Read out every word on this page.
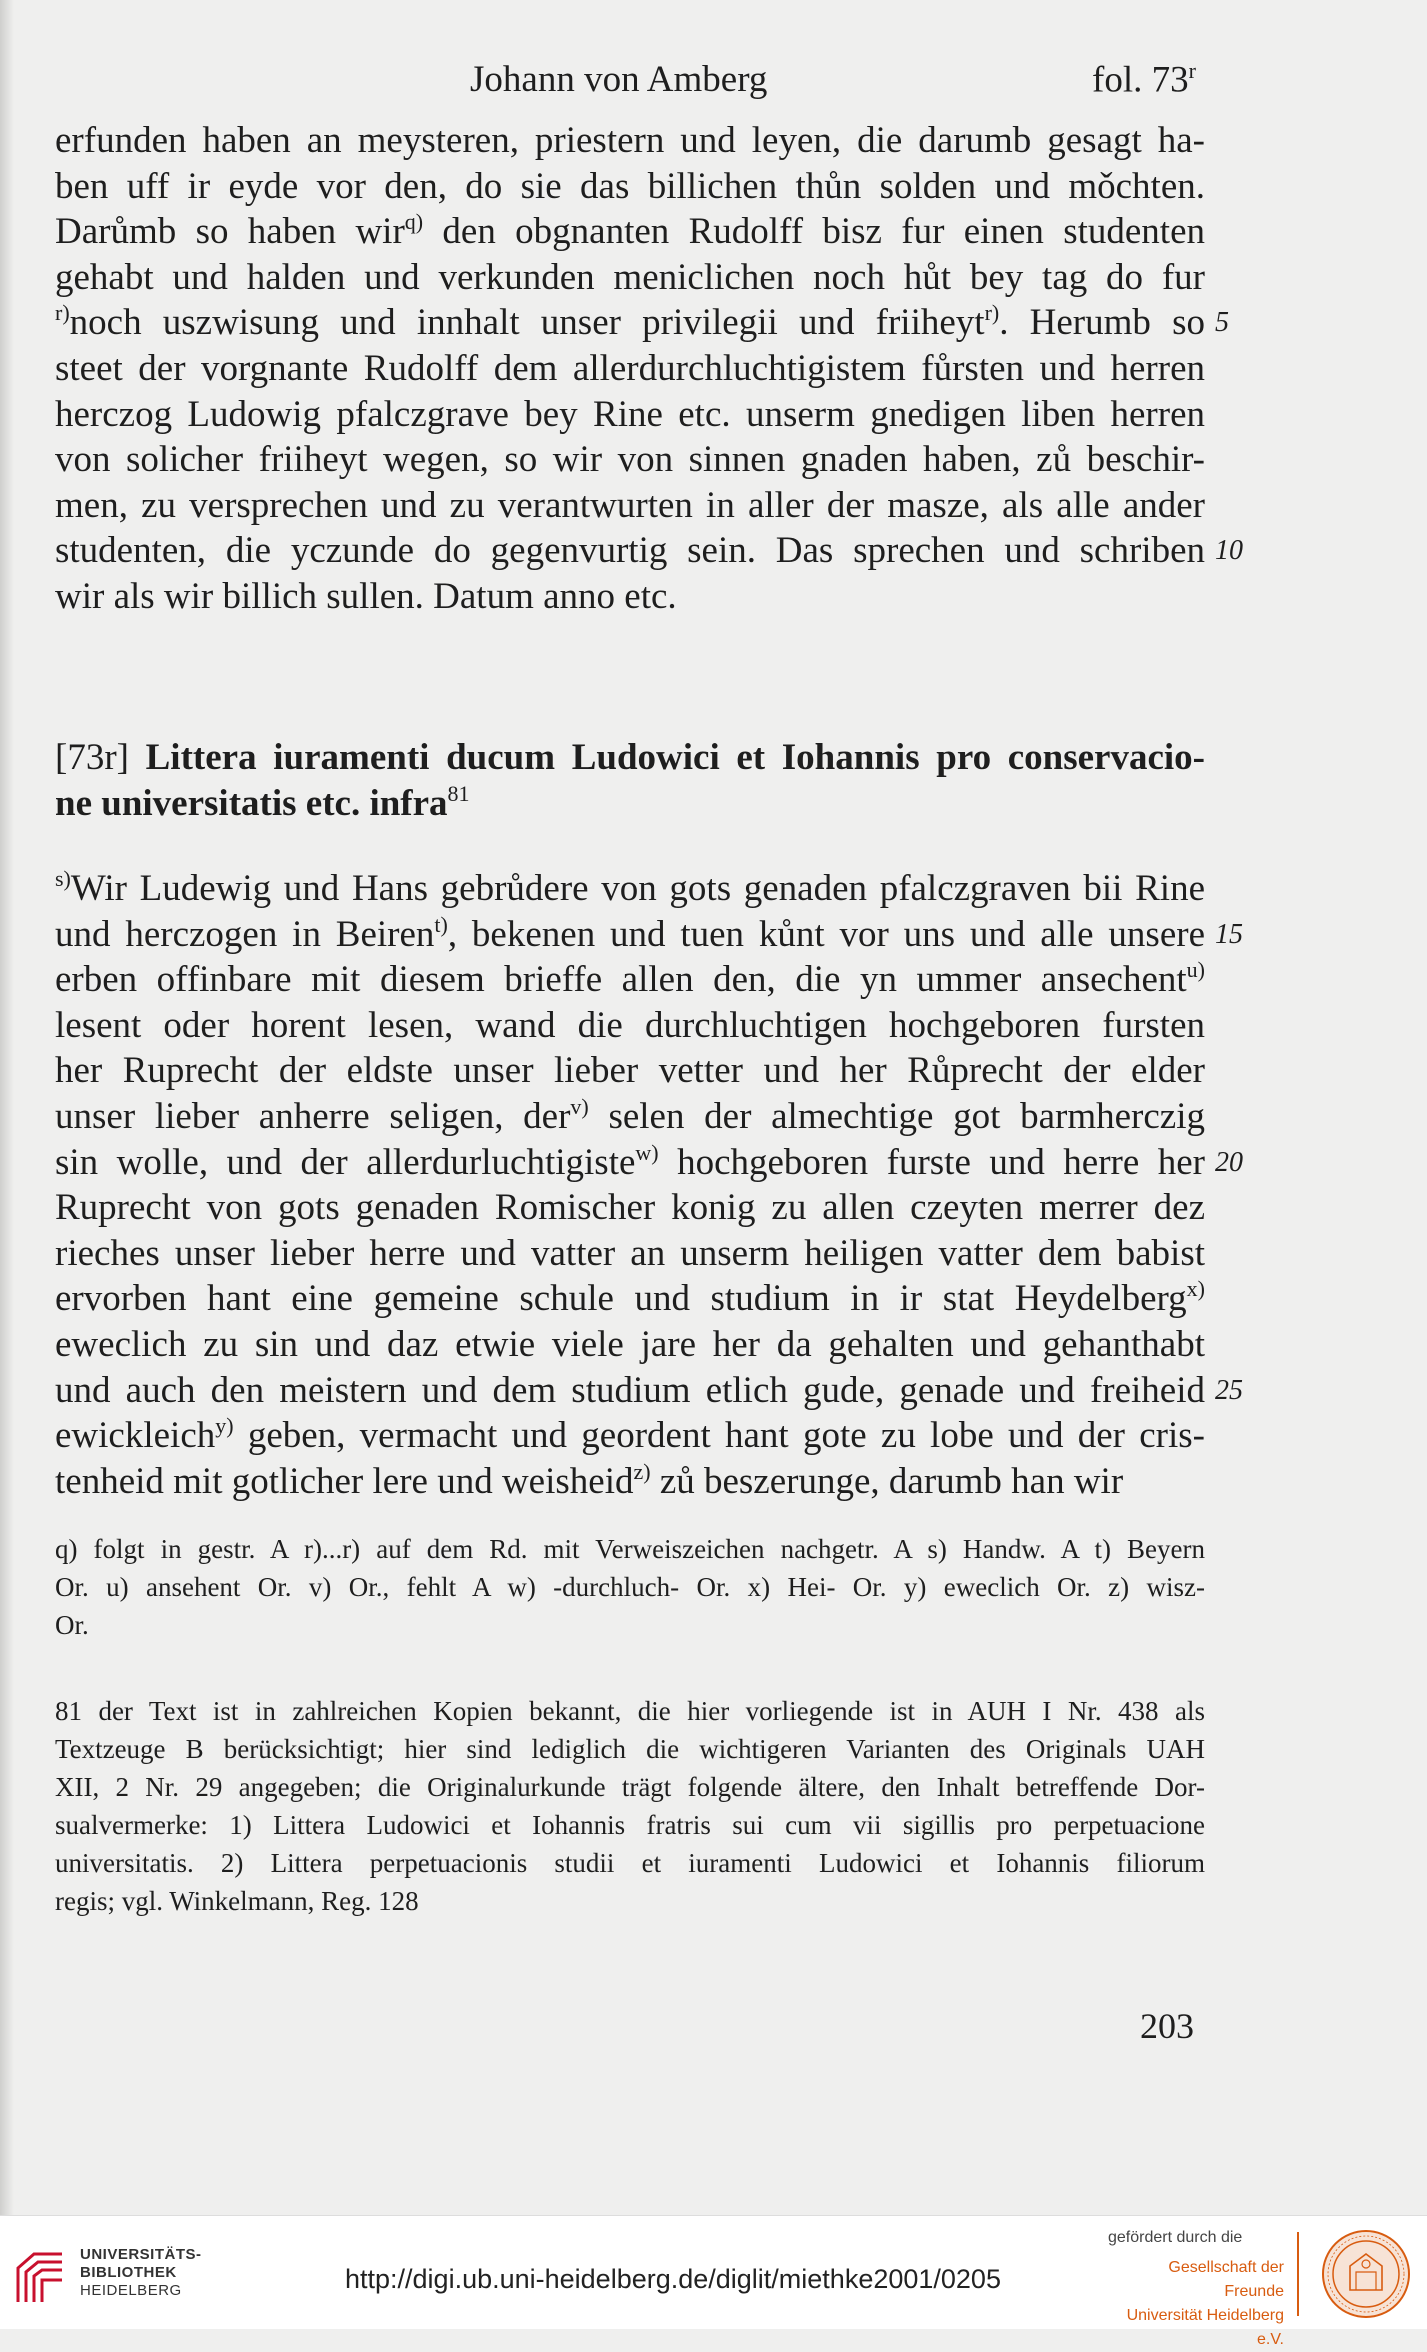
Johann von Amberg	fol. 73$^r$
erfunden haben an meysteren, priestern und leyen, die darumb gesagt ha-
ben uff ir eyde vor den, do sie das billichen thůn solden und mǒchten.
Darůmb so haben wir$^{q)}$ den obgnanten Rudolff bisz fur einen studenten
gehabt und halden und verkunden meniclichen noch hůt bey tag do fur
$^{r)}$noch uszwisung und innhalt unser privilegii und friiheyt$^{r)}$. Herumb so 5
steet der vorgnante Rudolff dem allerdurchluchtigistem fůrsten und herren
herczog Ludowig pfalczgrave bey Rine etc. unserm gnedigen liben herren
von solicher friiheyt wegen, so wir von sinnen gnaden haben, zů beschir-
men, zu versprechen und zu verantwurten in aller der masze, als alle ander
studenten, die yczunde do gegenvurtig sein. Das sprechen und schriben 10
wir als wir billich sullen. Datum anno etc.
[73r] Littera iuramenti ducum Ludowici et Iohannis pro conservacio-
ne universitatis etc. infra$^{81}$
$^{s)}$Wir Ludewig und Hans gebrůdere von gots genaden pfalczgraven bii Rine
und herczogen in Beiren$^{t)}$, bekenen und tuen kůnt vor uns und alle unsere 15
erben offinbare mit diesem brieffe allen den, die yn ummer ansechent$^{u)}$
lesent oder horent lesen, wand die durchluchtigen hochgeboren fursten
her Ruprecht der eldste unser lieber vetter und her Růprecht der elder
unser lieber anherre seligen, der$^{v)}$ selen der almechtige got barmherczig
sin wolle, und der allerdurluchtigiste$^{w)}$ hochgeboren furste und herre her 20
Ruprecht von gots genaden Romischer konig zu allen czeyten merrer dez
rieches unser lieber herre und vatter an unserm heiligen vatter dem babist
ervorben hant eine gemeine schule und studium in ir stat Heydelberg$^{x)}$
eweclich zu sin und daz etwie viele jare her da gehalten und gehanthabt
und auch den meistern und dem studium etlich gude, genade und freiheid 25
ewickleich$^{y)}$ geben, vermacht und geordent hant gote zu lobe und der cris-
tenheid mit gotlicher lere und weisheid$^{z)}$ zů beszerunge, darumb han wir
q) folgt in gestr. A r)...r) auf dem Rd. mit Verweiszeichen nachgetr. A s) Handw. A t) Beyern
Or. u) ansehent Or. v) Or., fehlt A w) -durchluch- Or. x) Hei- Or. y) eweclich Or. z) wisz-
Or.
81 der Text ist in zahlreichen Kopien bekannt, die hier vorliegende ist in AUH I Nr. 438 als
Textzeuge B berücksichtigt; hier sind lediglich die wichtigeren Varianten des Originals UAH
XII, 2 Nr. 29 angegeben; die Originalurkunde trägt folgende ältere, den Inhalt betreffende Dor-
sualvermerke: 1) Littera Ludowici et Iohannis fratris sui cum vii sigillis pro perpetuacione
universitatis. 2) Littera perpetuacionis studii et iuramenti Ludowici et Iohannis filiorum
regis; vgl. Winkelmann, Reg. 128
203
UNIVERSITÄTS-
BIBLIOTHEK
HEIDELBERG	http://digi.ub.uni-heidelberg.de/diglit/miethke2001/0205
gefördert durch die
Gesellschaft der Freunde
Universität Heidelberg e.V.
